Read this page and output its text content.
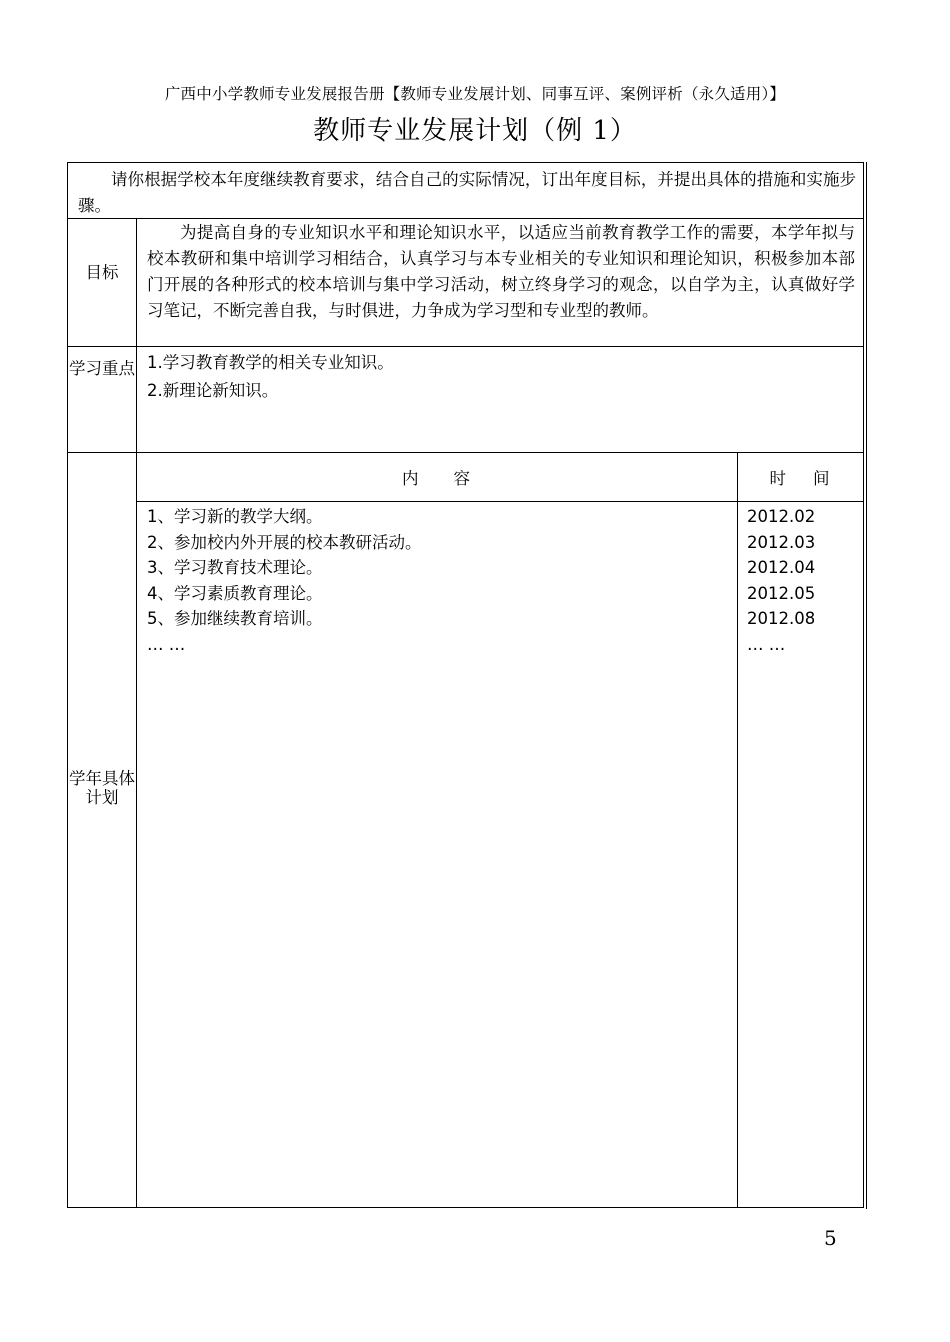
广西中小学教师专业发展报告册【教师专业发展计划、同事互评、案例评析（永久适用）】
教师专业发展计划（例 1）
请你根据学校本年度继续教育要求，结合自己的实际情况，订出年度目标，并提出具体的措施和实施步骤。
目标
为提高自身的专业知识水平和理论知识水平，以适应当前教育教学工作的需要，本学年拟与校本教研和集中培训学习相结合，认真学习与本专业相关的专业知识和理论知识，积极参加本部门开展的各种形式的校本培训与集中学习活动，树立终身学习的观念，以自学为主，认真做好学习笔记，不断完善自我，与时俱进，力争成为学习型和专业型的教师。
学习重点 1.学习教育教学的相关专业知识。
2.新理论新知识。
学年具体计划
内 容	时 间
1、学习新的教学大纲。
2、参加校内外开展的校本教研活动。
3、学习教育技术理论。
4、学习素质教育理论。
5、参加继续教育培训。
… …
2012.02
2012.03
2012.04
2012.05
2012.08
… …
5
